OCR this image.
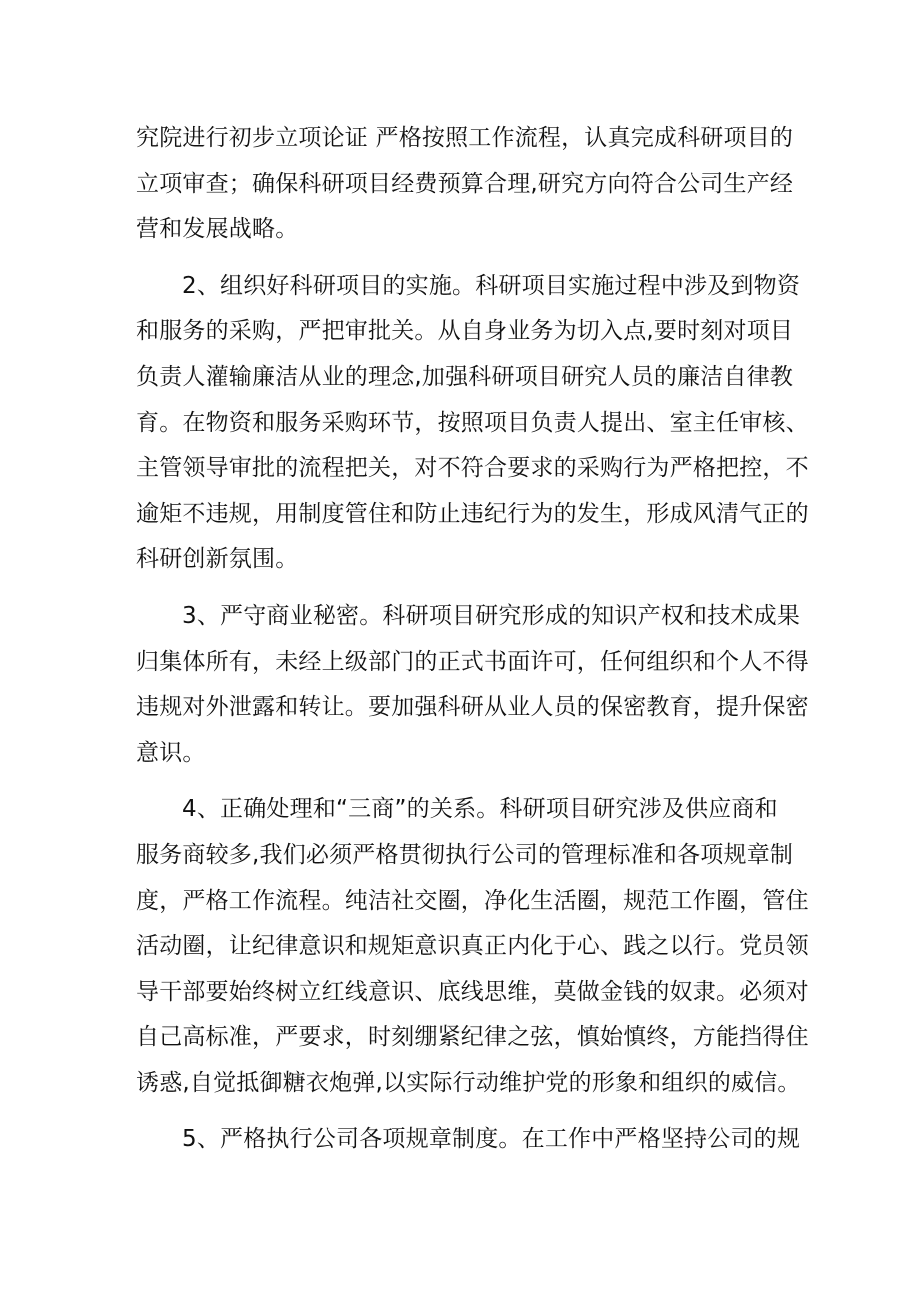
究院进行初步立项论证 严格按照工作流程，认真完成科研项目的
立项审查；确保科研项目经费预算合理,研究方向符合公司生产经
营和发展战略。
2、组织好科研项目的实施。科研项目实施过程中涉及到物资
和服务的采购，严把审批关。从自身业务为切入点,要时刻对项目
负责人灌输廉洁从业的理念,加强科研项目研究人员的廉洁自律教
育。在物资和服务采购环节，按照项目负责人提出、室主任审核、
主管领导审批的流程把关，对不符合要求的采购行为严格把控，不
逾矩不违规，用制度管住和防止违纪行为的发生，形成风清气正的
科研创新氛围。
3、严守商业秘密。科研项目研究形成的知识产权和技术成果
归集体所有，未经上级部门的正式书面许可，任何组织和个人不得
违规对外泄露和转让。要加强科研从业人员的保密教育，提升保密
意识。
4、正确处理和“三商”的关系。科研项目研究涉及供应商和
服务商较多,我们必须严格贯彻执行公司的管理标准和各项规章制
度，严格工作流程。纯洁社交圈，净化生活圈，规范工作圈，管住
活动圈，让纪律意识和规矩意识真正内化于心、践之以行。党员领
导干部要始终树立红线意识、底线思维，莫做金钱的奴隶。必须对
自己高标准，严要求，时刻绷紧纪律之弦，慎始慎终，方能挡得住
诱惑,自觉抵御糖衣炮弹,以实际行动维护党的形象和组织的威信。
5、严格执行公司各项规章制度。在工作中严格坚持公司的规
